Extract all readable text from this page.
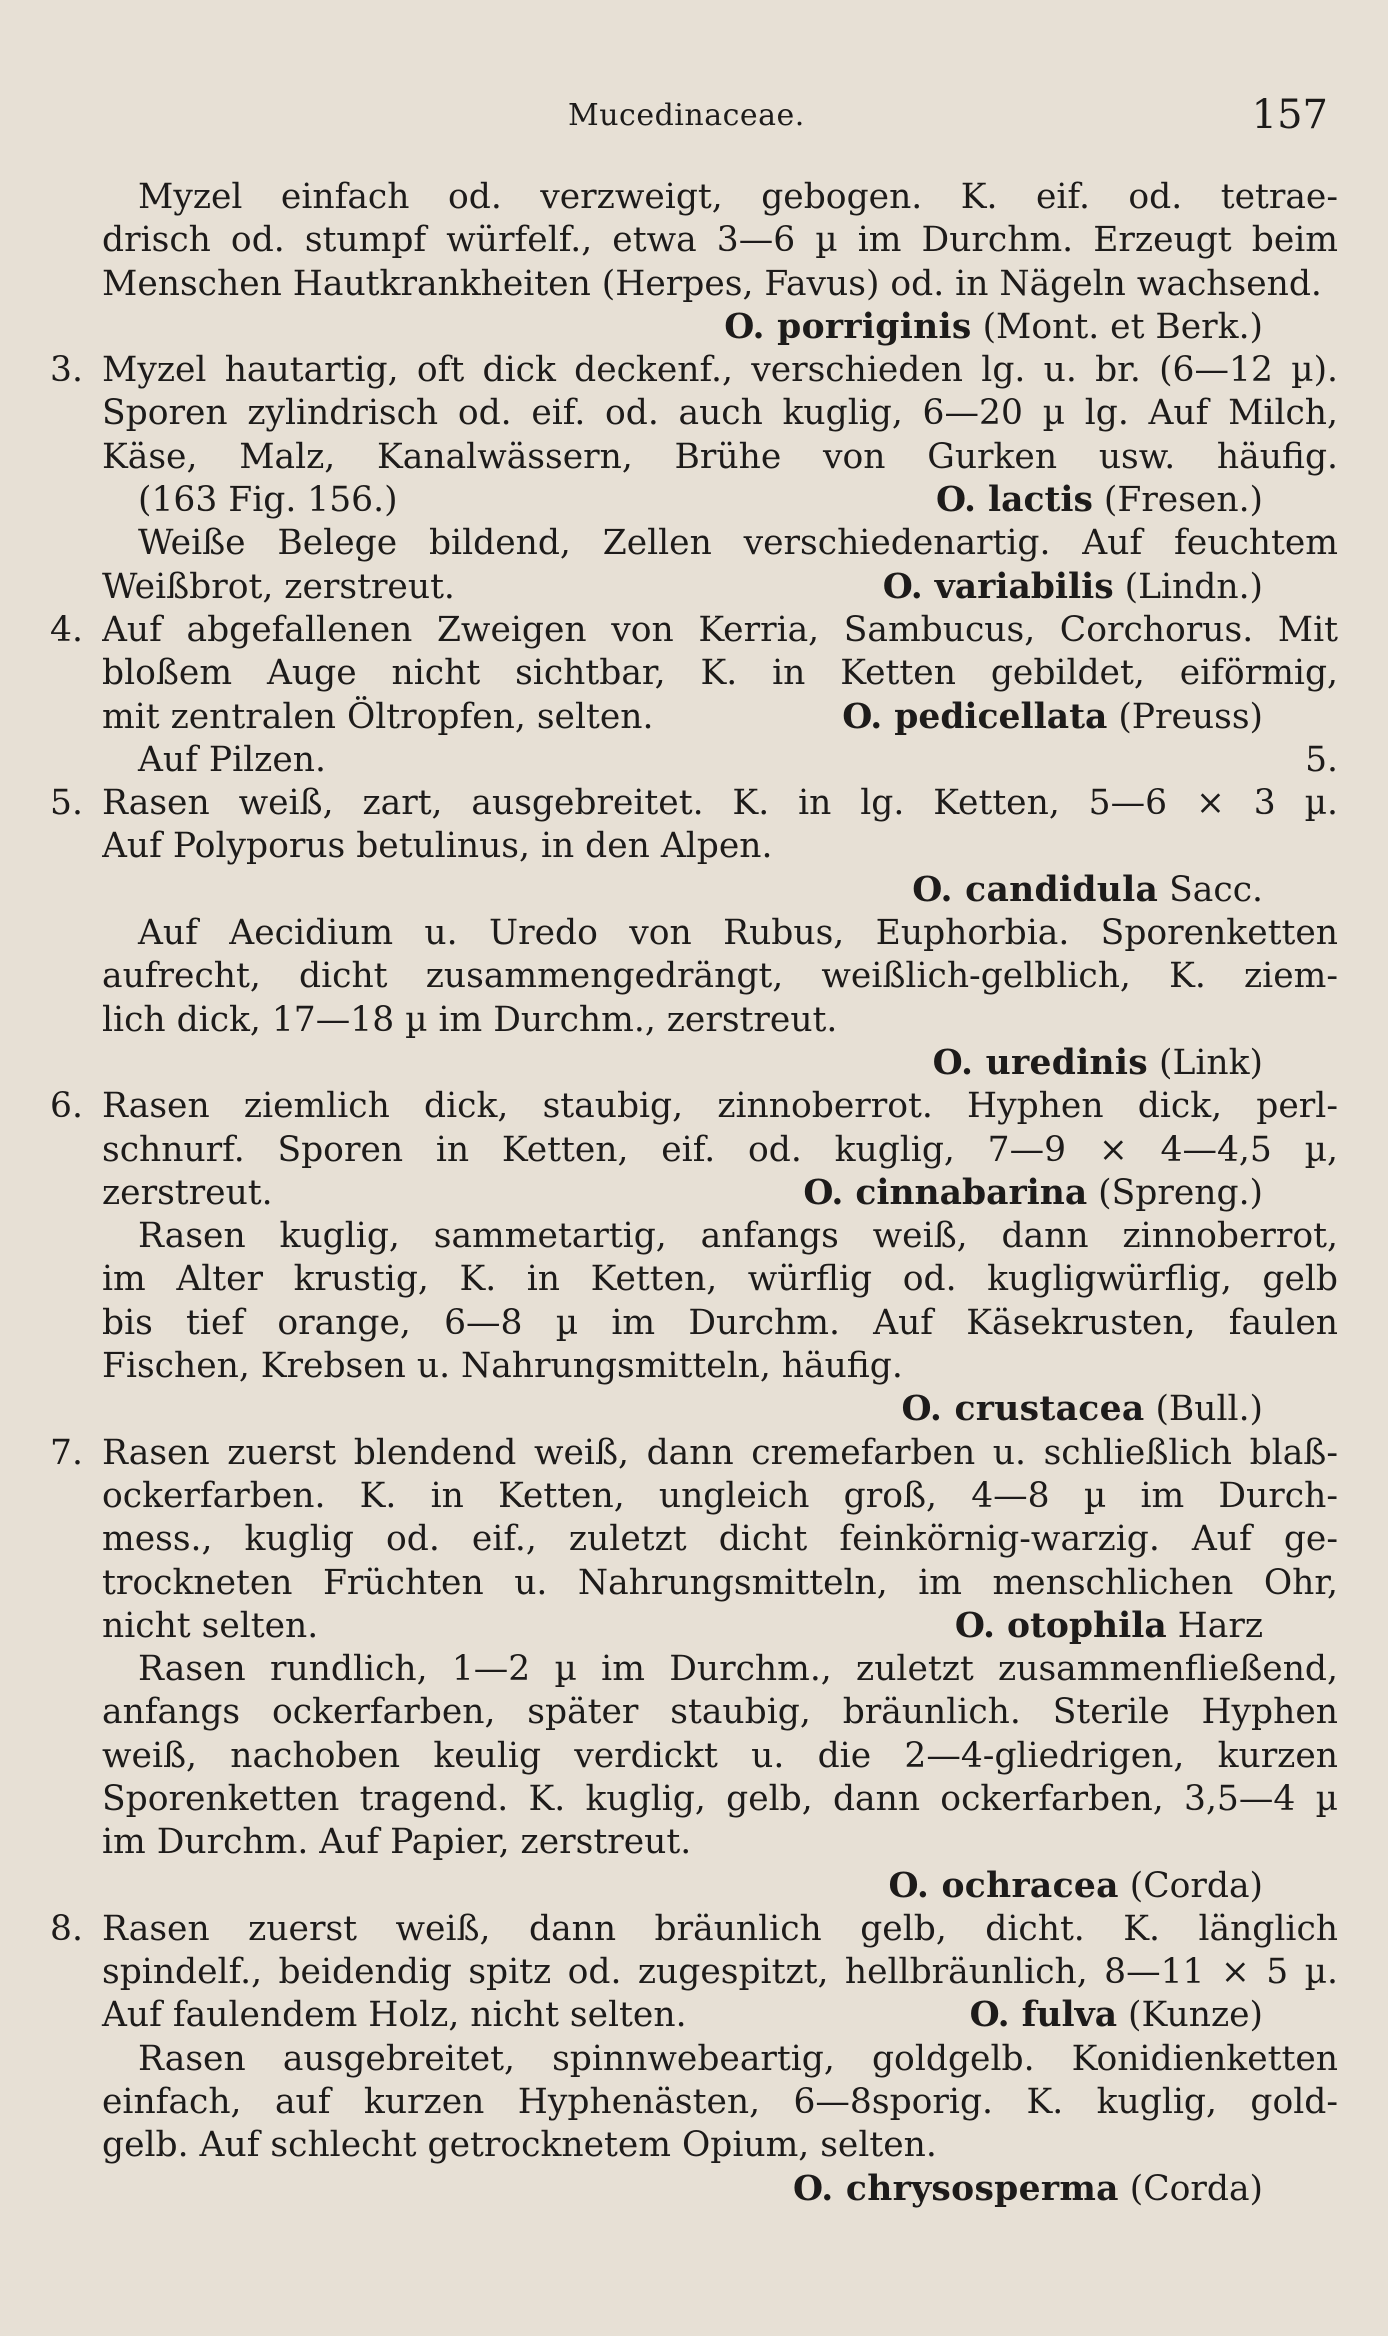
Mucedinaceae.	157
Myzel einfach od. verzweigt, gebogen. K. eif. od. tetrae-
drisch od. stumpf würfelf., etwa 3—6 µ im Durchm. Erzeugt beim
Menschen Hautkrankheiten (Herpes, Favus) od. in Nägeln wachsend.
O. porriginis (Mont. et Berk.)
3. Myzel hautartig, oft dick deckenf., verschieden lg. u. br. (6—12 µ).
Sporen zylindrisch od. eif. od. auch kuglig, 6—20 µ lg. Auf Milch,
Käse, Malz, Kanalwässern, Brühe von Gurken usw. häufig.
(163 Fig. 156.)	O. lactis (Fresen.)
Weiße Belege bildend, Zellen verschiedenartig. Auf feuchtem
Weißbrot, zerstreut.	O. variabilis (Lindn.)
4. Auf abgefallenen Zweigen von Kerria, Sambucus, Corchorus. Mit
bloßem Auge nicht sichtbar, K. in Ketten gebildet, eiförmig,
mit zentralen Öltropfen, selten.	O. pedicellata (Preuss)
Auf Pilzen.	5.
5. Rasen weiß, zart, ausgebreitet. K. in lg. Ketten, 5—6 × 3 µ.
Auf Polyporus betulinus, in den Alpen.
O. candidula Sacc.
Auf Aecidium u. Uredo von Rubus, Euphorbia. Sporenketten
aufrecht, dicht zusammengedrängt, weißlich-gelblich, K. ziem-
lich dick, 17—18 µ im Durchm., zerstreut.
O. uredinis (Link)
6. Rasen ziemlich dick, staubig, zinnoberrot. Hyphen dick, perl-
schnurf. Sporen in Ketten, eif. od. kuglig, 7—9 × 4—4,5 µ,
zerstreut.	O. cinnabarina (Spreng.)
Rasen kuglig, sammetartig, anfangs weiß, dann zinnoberrot,
im Alter krustig, K. in Ketten, würflig od. kugligwürflig, gelb
bis tief orange, 6—8 µ im Durchm. Auf Käsekrusten, faulen
Fischen, Krebsen u. Nahrungsmitteln, häufig.
O. crustacea (Bull.)
7. Rasen zuerst blendend weiß, dann cremefarben u. schließlich blaß-
ockerfarben. K. in Ketten, ungleich groß, 4—8 µ im Durch-
mess., kuglig od. eif., zuletzt dicht feinkörnig-warzig. Auf ge-
trockneten Früchten u. Nahrungsmitteln, im menschlichen Ohr,
nicht selten.	O. otophila Harz
Rasen rundlich, 1—2 µ im Durchm., zuletzt zusammenfließend,
anfangs ockerfarben, später staubig, bräunlich. Sterile Hyphen
weiß, nachoben keulig verdickt u. die 2—4-gliedrigen, kurzen
Sporenketten tragend. K. kuglig, gelb, dann ockerfarben, 3,5—4 µ
im Durchm. Auf Papier, zerstreut.
O. ochracea (Corda)
8. Rasen zuerst weiß, dann bräunlich gelb, dicht. K. länglich
spindelf., beidendig spitz od. zugespitzt, hellbräunlich, 8—11 × 5 µ.
Auf faulendem Holz, nicht selten.	O. fulva (Kunze)
Rasen ausgebreitet, spinnwebeartig, goldgelb. Konidienketten
einfach, auf kurzen Hyphenästen, 6—8sporig. K. kuglig, gold-
gelb. Auf schlecht getrocknetem Opium, selten.
O. chrysosperma (Corda)
